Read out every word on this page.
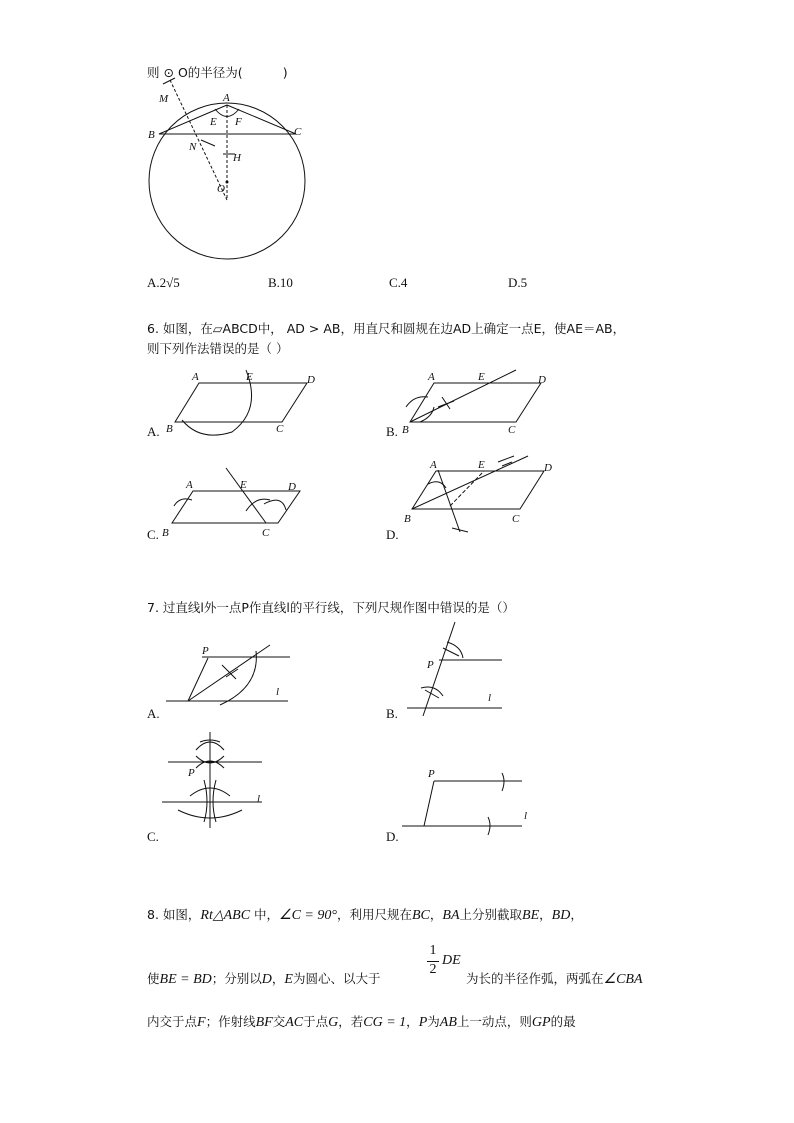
则 ⊙ O的半径为(	)
M	A
E F
B	C
N
H
O
A.2√5	B.10	C.4	D.5
6. 如图，在▱ABCD中， AD > AB，用直尺和圆规在边AD上确定一点E，使AE＝AB，
则下列作法错误的是（ ）
A	E	D
B	C
A.
A	E	D
B	C
B.
A	E	D
B	C
C.
A	E	D
B	C
D.
7. 过直线l外一点P作直线l的平行线，下列尺规作图中错误的是（）
P
l
A.
P
l
B.
P
l
C.
P
l
D.
8. 如图，Rt△ABC 中，∠C = 90°，利用尺规在BC，BA上分别截取BE，BD，
1
2
DE
使BE = BD；分别以D，E为圆心、以大于	为长的半径作弧，两弧在∠CBA
内交于点F；作射线BF交AC于点G，若CG = 1，P为AB上一动点，则GP的最
